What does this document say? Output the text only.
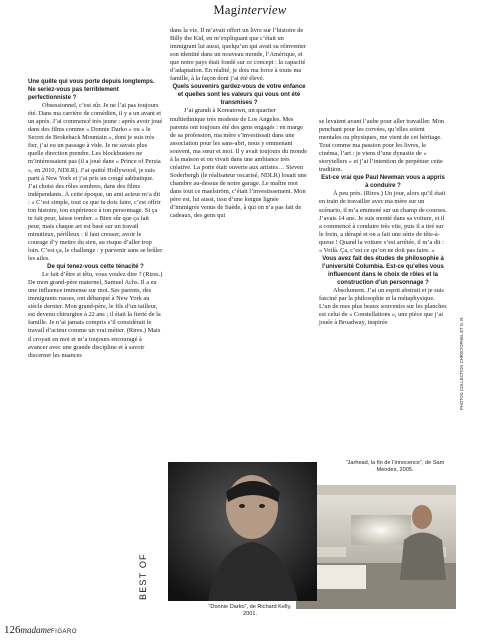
Maginterview

Une quête qui vous porte depuis longtemps. Ne seriez-vous pas terriblement perfectionniste ?

Obsessionnel, c’est sûr. Je ne l’ai pas toujours été. Dans ma carrière de comédien, il y a un avant et un après. J’ai commencé très jeune : après avoir joué dans des films comme « Donnie Darko » ou « le Secret de Brokeback Mountain », dont je suis très fier, j’ai eu un passage à vide. Je ne savais plus quelle direction prendre. Les blockbusters ne m’intéressaient pas (il a joué dans « Prince of Persia », en 2010, NDLR). J’ai quitté Hollywood, je suis parti à New York et j’ai pris un congé sabbatique. J’ai choisi des rôles sombres, dans des films indépendants. À cette époque, un ami acteur m’a dit : « C’est simple, tout ce que tu dois faire, c’est offrir ton histoire, ton expérience à ton personnage. Si ça te fait peur, laisse tomber. » Bien sûr que ça fait peur, mais chaque art est basé sur un travail minutieux, périlleux : il faut creuser, avoir le courage d’y mettre du sien, au risque d’aller trop loin. C’est ça, le challenge : y parvenir sans se brûler les ailes.

De qui tenez-vous cette ténacité ?

Le fait d’être si têtu, vous voulez dire ? (Rires.) De mon grand-père maternel, Samuel Achs. Il a eu une influence immense sur moi. Ses parents, des immigrants russes, ont débarqué à New York au siècle dernier. Mon grand-père, le fils d’un tailleur, est devenu chirurgien à 22 ans ; il était la fierté de la famille. Je n’ai jamais compris s’il considérait le travail d’acteur comme un vrai métier. (Rires.) Mais il croyait en moi et m’a toujours encouragé à avancer avec une grande discipline et à savoir discerner les nuances

dans la vie. Il m’avait offert un livre sur l’histoire de Billy the Kid, en m’expliquant que c’était un immigrant lui aussi, quelqu’un qui avait su réinventer son identité dans un nouveau monde, l’Amérique, et que notre pays était fondé sur ce concept : la capacité d’adaptation. En réalité, je dois ma force à toute ma famille, à la façon dont j’ai été élevé.

Quels souvenirs gardez-vous de votre enfance et quelles sont les valeurs qui vous ont été transmises ?

J’ai grandi à Koreatown, un quartier multiethnique très modeste de Los Angeles. Mes parents ont toujours été des gens engagés : en marge de sa profession, ma mère s’investissait dans une association pour les sans-abri, nous y emmenant souvent, ma sœur et moi. Il y avait toujours du monde à la maison et on vivait dans une ambiance très créative. La porte était ouverte aux artistes… Steven Soderbergh (le réalisateur oscarisé, NDLR) louait une chambre au-dessus de notre garage. Le maître mot dans tout ce maelström, c’était l’investissement. Mon père est, lui aussi, issu d’une longue lignée d’immigrés venus de Suède, à qui on n’a pas fait de cadeaux, des gens qui

se levaient avant l’aube pour aller travailler. Mon penchant pour les corvées, qu’elles soient mentales ou physiques, me vient de cet héritage. Tout comme ma passion pour les livres, le cinéma, l’art : je viens d’une dynastie de « storytellers » et j’ai l’intention de perpétuer cette tradition.

Est-ce vrai que Paul Newman vous a appris à conduire ?

À peu près. (Rires.) Un jour, alors qu’il était en train de travailler avec ma mère sur un scénario, il m’a emmené sur un champ de courses. J’avais 14 ans. Je suis monté dans sa voiture, et il a commencé à conduire très vite, puis il a tiré sur le frein, a dérapé et on a fait une série de tête-à-queue ! Quand la voiture s’est arrêtée, il m’a dit : « Voilà. Ça, c’est ce qu’on ne doit pas faire. »

Vous avez fait des études de philosophie à l’université Columbia. Est-ce qu’elles vous influencent dans le choix de rôles et la construction d’un personnage ?

Absolument. J’ai un esprit abstrait et je suis fasciné par la philosophie et la métaphysique. L’un de mes plus beaux souvenirs sur les planches est celui de « Constellations », une pièce que j’ai jouée à Broadway, inspirée	PHOTOS COLLECTION CHRISTOPHEL ET D. R.
“Jarhead, la fin de l’innocence”, de Sam Mendes, 2005.
BEST OF
“Donnie Darko”, de Richard Kelly, 2001.
126madameFIGARO
